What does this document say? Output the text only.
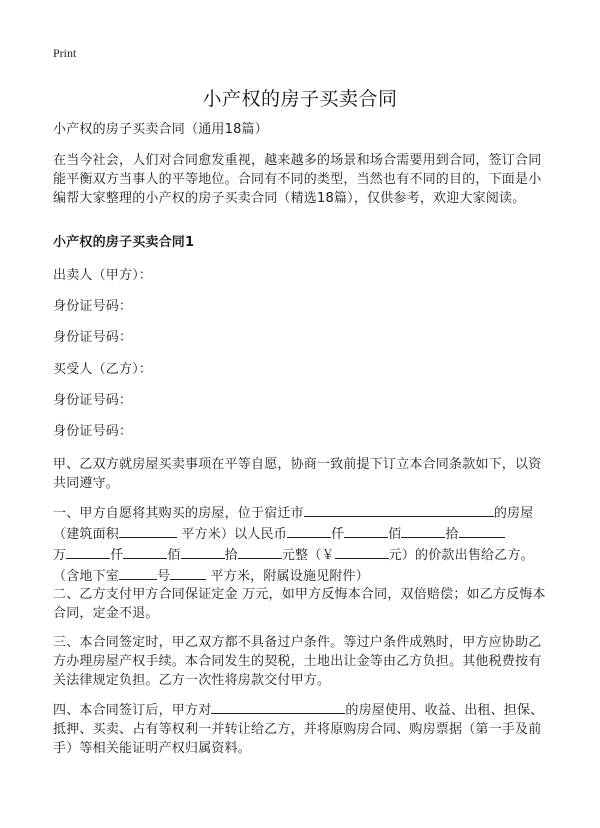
Print
小产权的房子买卖合同
小产权的房子买卖合同（通用18篇）
在当今社会，人们对合同愈发重视，越来越多的场景和场合需要用到合同，签订合同能平衡双方当事人的平等地位。合同有不同的类型，当然也有不同的目的，下面是小编帮大家整理的小产权的房子买卖合同（精选18篇），仅供参考，欢迎大家阅读。
小产权的房子买卖合同1
出卖人（甲方）：
身份证号码：
身份证号码：
买受人（乙方）：
身份证号码：
身份证号码：
甲、乙双方就房屋买卖事项在平等自愿，协商一致前提下订立本合同条款如下，以资共同遵守。
一、甲方自愿将其购买的房屋，位于宿迁市	的房屋（建筑面积	平方米）以人民币	仟	佰	拾
万	仟	佰	拾	元整（￥	元）的价款出售给乙方。（含地下室	号	平方米，附属设施见附件）
二、乙方支付甲方合同保证定金 万元，如甲方反悔本合同，双倍赔偿；如乙方反悔本合同，定金不退。
三、本合同签定时，甲乙双方都不具备过户条件。等过户条件成熟时，甲方应协助乙方办理房屋产权手续。本合同发生的契税，土地出让金等由乙方负担。其他税费按有关法律规定负担。乙方一次性将房款交付甲方。
四、本合同签订后，甲方对	的房屋使用、收益、出租、担保、抵押、买卖、占有等权利一并转让给乙方，并将原购房合同、购房票据（第一手及前手）等相关能证明产权归属资料。
